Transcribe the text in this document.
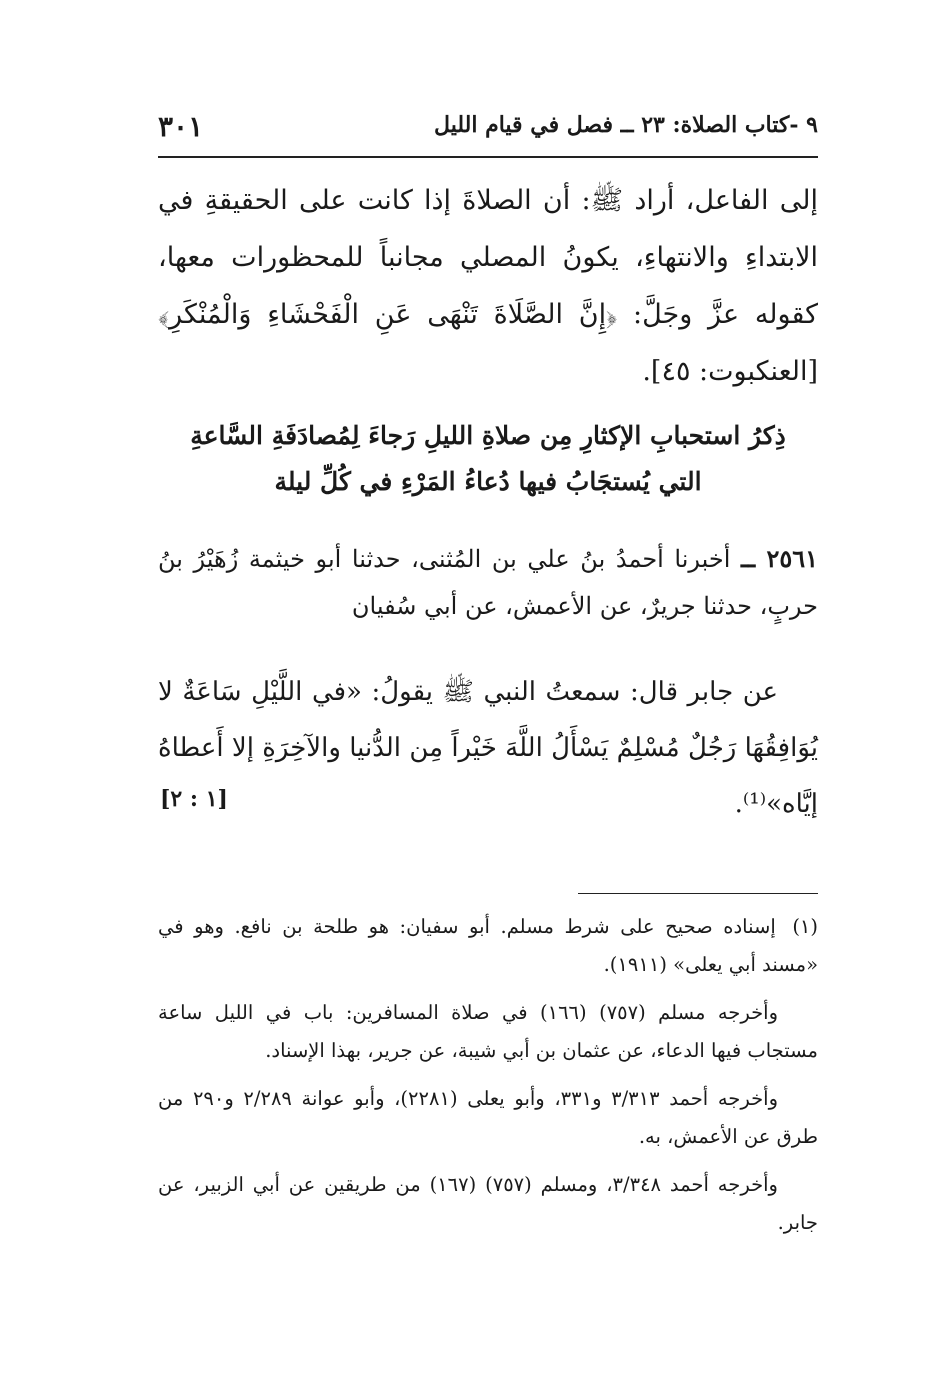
٩ -كتاب الصلاة: ٢٣ ــ فصل في قيام الليل
٣٠١
إلى الفاعل، أراد ﷺ: أن الصلاةَ إذا كانت على الحقيقةِ في الابتداءِ والانتهاءِ، يكونُ المصلي مجانباً للمحظورات معها، كقوله عزَّ وجَلَّ: ﴿إِنَّ الصَّلَاةَ تَنْهَى عَنِ الْفَحْشَاءِ وَالْمُنْكَرِ﴾ [العنكبوت: ٤٥].
ذِكرُ استحبابِ الإكثارِ مِن صلاةِ الليلِ رَجاءَ لِمُصادَفَةِ السَّاعةِ
التي يُستجَابُ فيها دُعاءُ المَرْءِ في كُلِّ ليلة
٢٥٦١ ــ أخبرنا أحمدُ بنُ علي بن المُثنى، حدثنا أبو خيثمة زُهَيْرُ بنُ حربٍ، حدثنا جريرٌ، عن الأعمش، عن أبي سُفيان
عن جابر قال: سمعتُ النبي ﷺ يقولُ: «في اللَّيْلِ سَاعَةٌ لا يُوَافِقُهَا رَجُلٌ مُسْلِمٌ يَسْأَلُ اللَّهَ خَيْراً مِن الدُّنيا والآخِرَةِ إلا أَعطاهُ إيَّاه»⁽¹⁾.
[١ : ٢]

(١) إسناده صحيح على شرط مسلم. أبو سفيان: هو طلحة بن نافع. وهو في «مسند أبي يعلى» (١٩١١).

وأخرجه مسلم (٧٥٧) (١٦٦) في صلاة المسافرين: باب في الليل ساعة مستجاب فيها الدعاء، عن عثمان بن أبي شيبة، عن جرير، بهذا الإسناد.

وأخرجه أحمد ٣/٣١٣ و٣٣١، وأبو يعلى (٢٢٨١)، وأبو عوانة ٢/٢٨٩ و٢٩٠ من طرق عن الأعمش، به.

وأخرجه أحمد ٣/٣٤٨، ومسلم (٧٥٧) (١٦٧) من طريقين عن أبي الزبير، عن جابر.
